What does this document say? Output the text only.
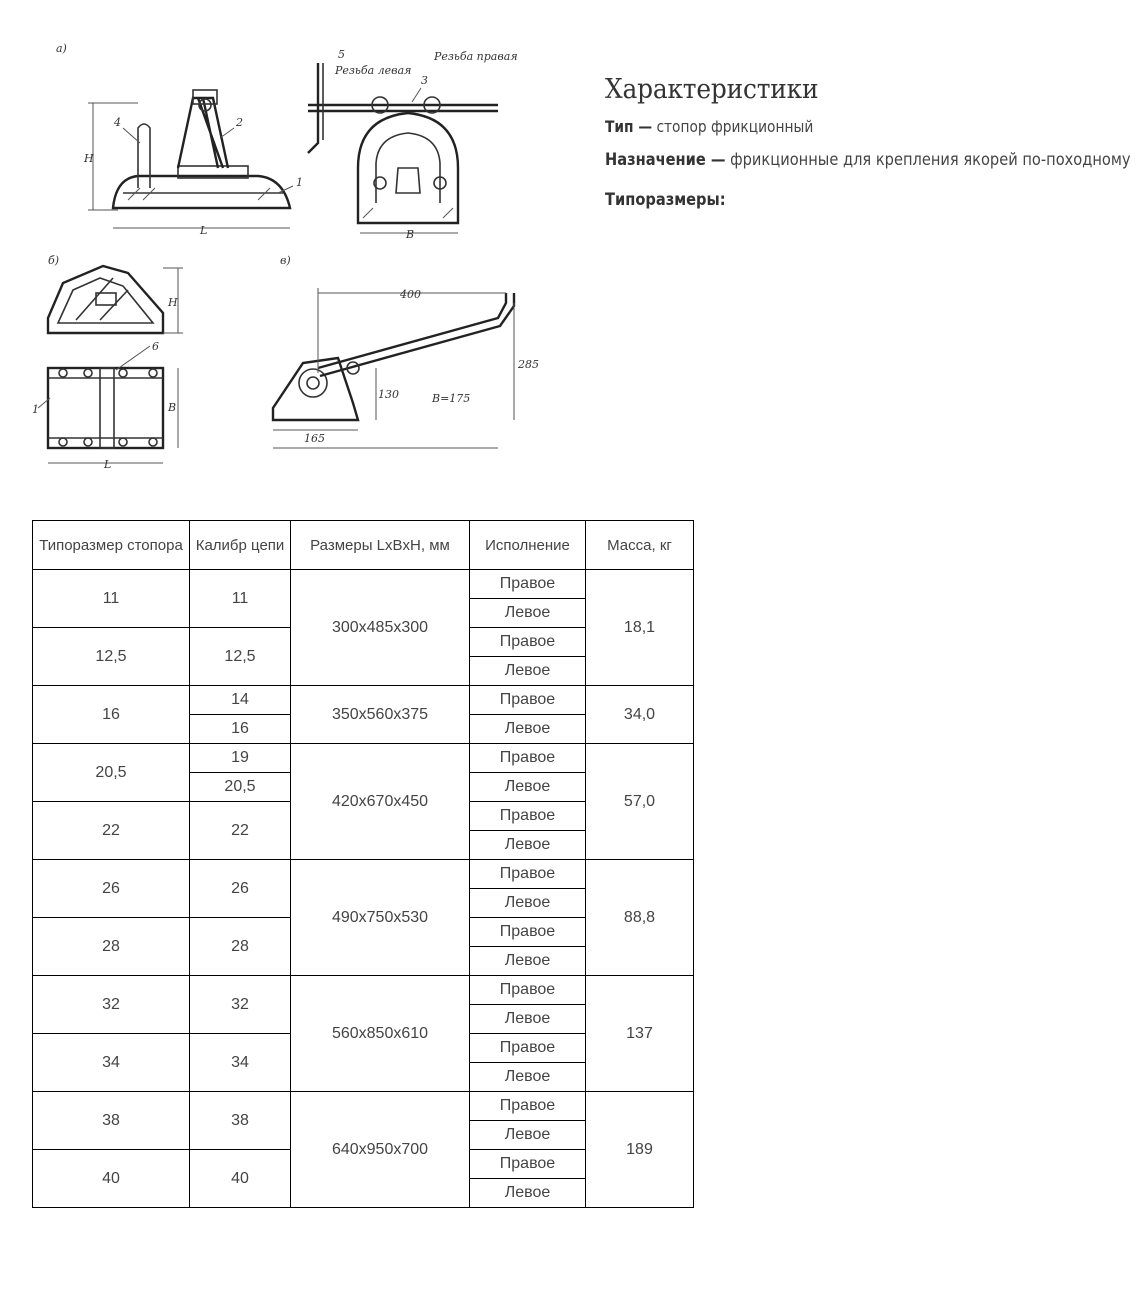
а)
H
L
4	2
1
B
5
Резьба левая
Резьба правая
3
б)
H
L
B
6
1
в)
400
285
130
165
B=175
Характеристики
Тип — стопор фрикционный
Назначение — фрикционные для крепления якорей по-походному
Типоразмеры:
Типоразмер стопора	Калибр цепи	Размеры LxBxH, мм	Исполнение	Масса, кг
11	11	300x485x300	Правое	18,1
			Левое	
12,5	12,5		Правое	
			Левое	
16	14	350x560x375	Правое	34,0
	16		Левое	
20,5	19	420x670x450	Правое	57,0
	20,5		Левое	
22	22		Правое	
			Левое	
26	26	490x750x530	Правое	88,8
			Левое	
28	28		Правое	
			Левое	
32	32	560x850x610	Правое	137
			Левое	
34	34		Правое	
			Левое	
38	38	640x950x700	Правое	189
			Левое	
40	40		Правое	
			Левое	
